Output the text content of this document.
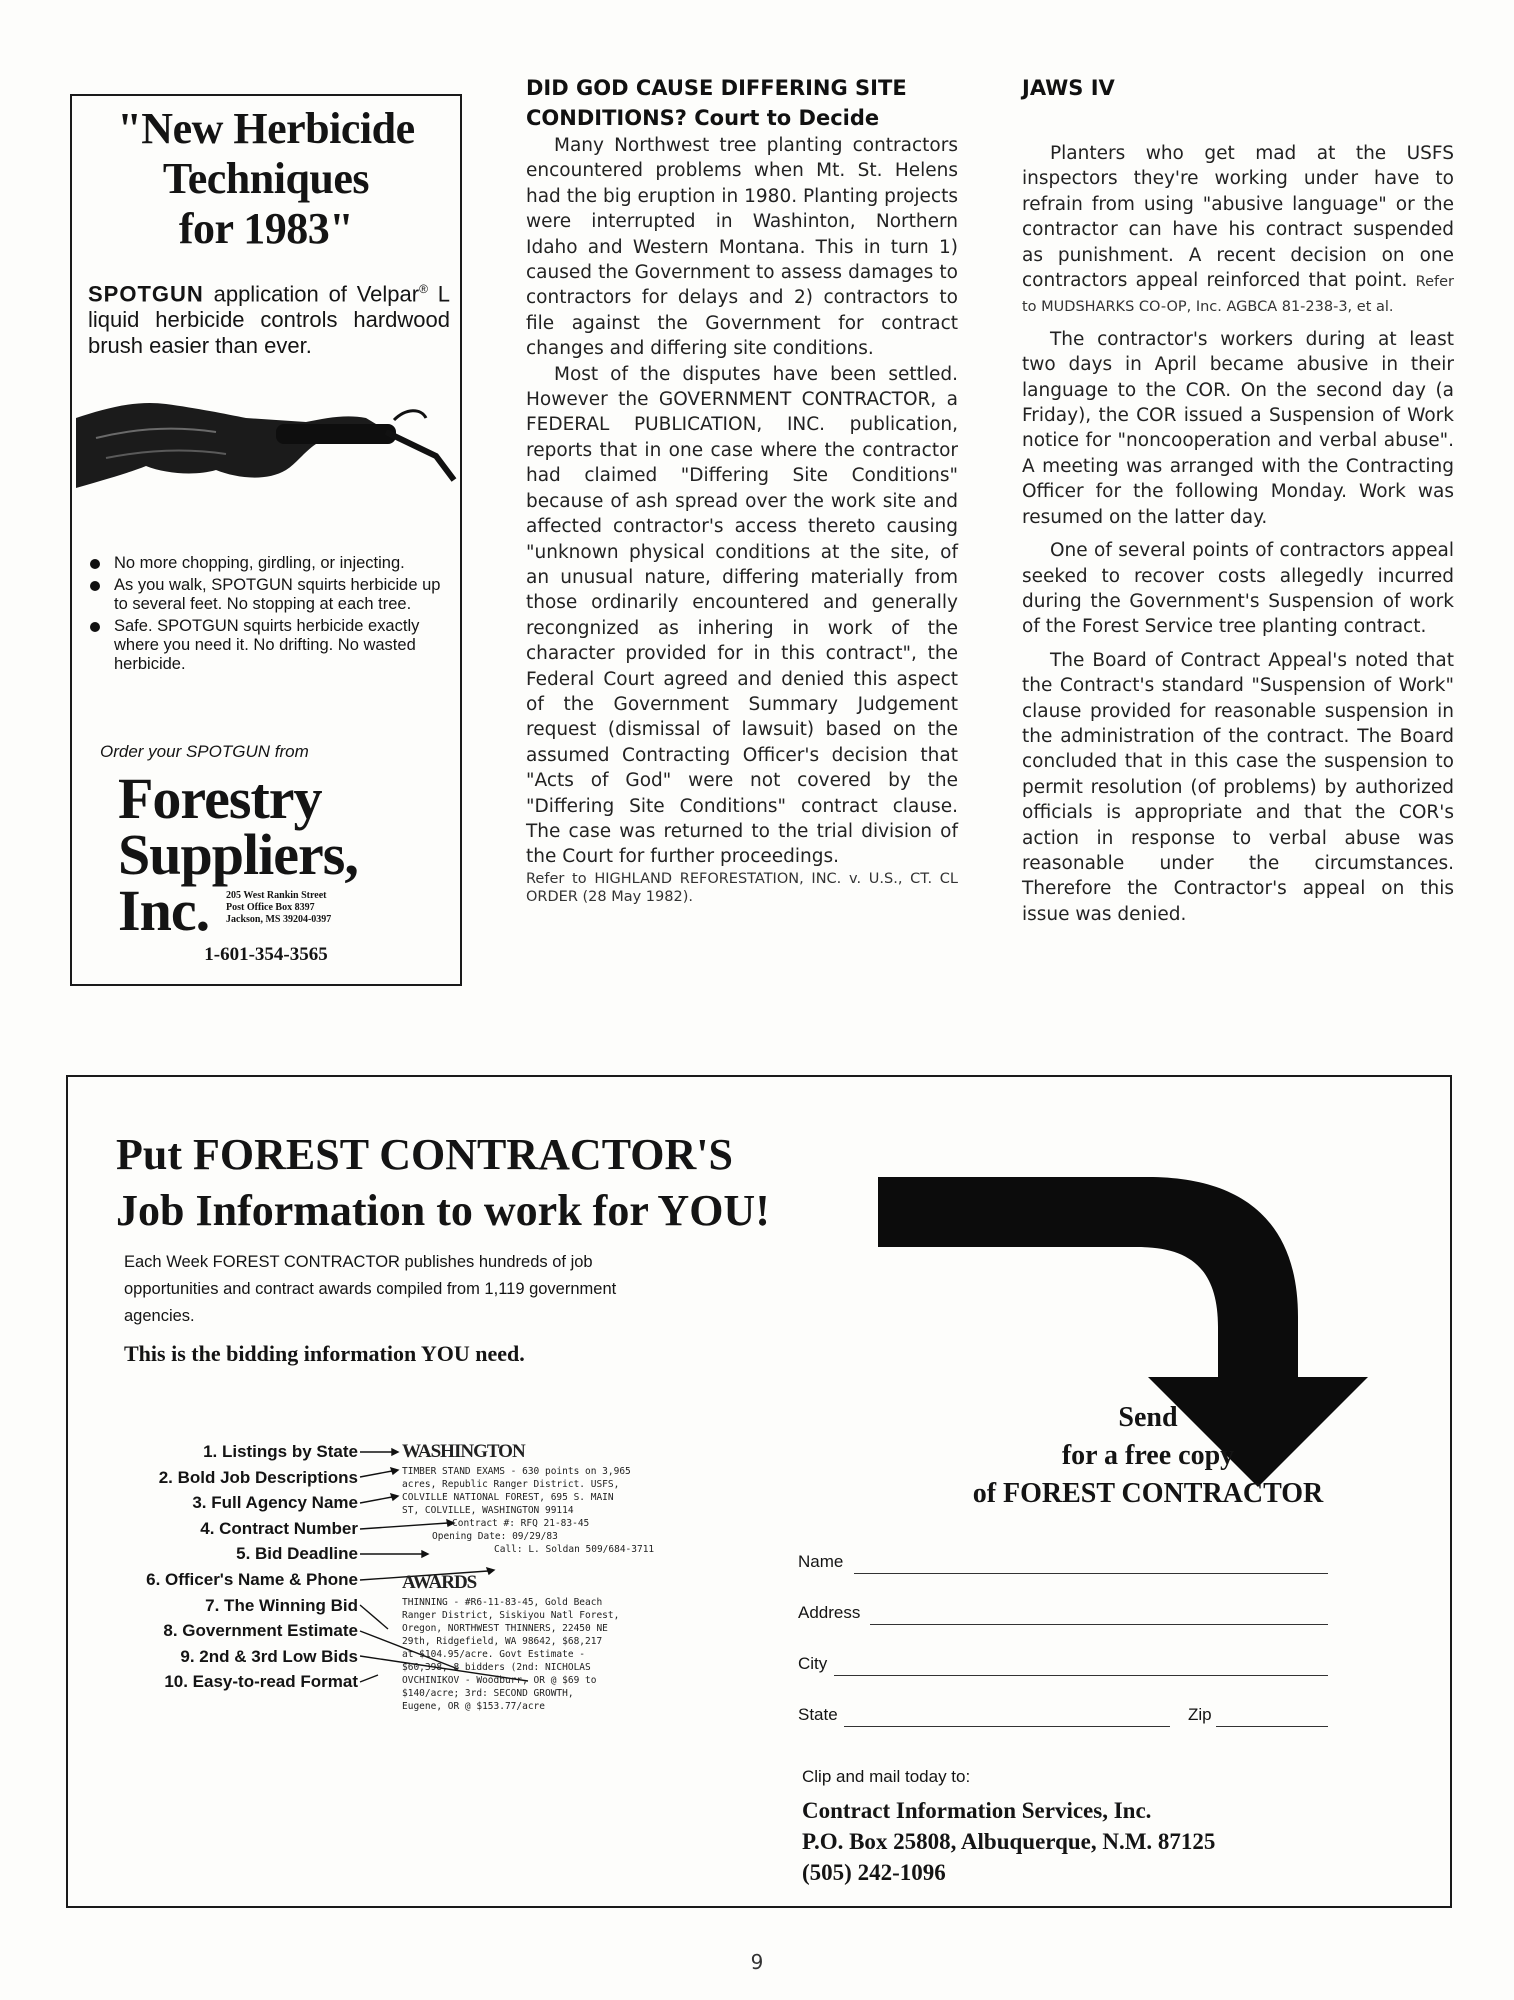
"New Herbicide
Techniques
for 1983"
SPOTGUN application of Velpar® L liquid herbicide controls hardwood brush easier than ever.
No more chopping, girdling, or injecting.
As you walk, SPOTGUN squirts herbicide up to several feet. No stopping at each tree.
Safe. SPOTGUN squirts herbicide exactly where you need it. No drifting. No wasted herbicide.
Order your SPOTGUN from
Forestry
Suppliers,
Inc.	205 West Rankin Street
Post Office Box 8397
Jackson, MS 39204-0397
1-601-354-3565
DID GOD CAUSE DIFFERING SITE
CONDITIONS? Court to Decide

Many Northwest tree planting contractors encountered problems when Mt. St. Helens had the big eruption in 1980. Planting projects were interrupted in Washinton, Northern Idaho and Western Montana. This in turn 1) caused the Government to assess damages to contractors for delays and 2) contractors to file against the Government for contract changes and differing site conditions.

Most of the disputes have been settled. However the GOVERNMENT CONTRACTOR, a FEDERAL PUBLICATION, INC. publication, reports that in one case where the contractor had claimed "Differing Site Conditions" because of ash spread over the work site and affected contractor's access thereto causing "unknown physical conditions at the site, of an unusual nature, differing materially from those ordinarily encountered and generally recongnized as inhering in work of the character provided for in this contract", the Federal Court agreed and denied this aspect of the Government Summary Judgement request (dismissal of lawsuit) based on the assumed Contracting Officer's decision that "Acts of God" were not covered by the "Differing Site Conditions" contract clause. The case was returned to the trial division of the Court for further proceedings.

Refer to HIGHLAND REFORESTATION, INC. v. U.S., CT. CL ORDER (28 May 1982).

JAWS IV

Planters who get mad at the USFS inspectors they're working under have to refrain from using "abusive language" or the contractor can have his contract suspended as punishment. A recent decision on one contractors appeal reinforced that point. Refer to MUDSHARKS CO-OP, Inc. AGBCA 81-238-3, et al.

The contractor's workers during at least two days in April became abusive in their language to the COR. On the second day (a Friday), the COR issued a Suspension of Work notice for "noncooperation and verbal abuse". A meeting was arranged with the Contracting Officer for the following Monday. Work was resumed on the latter day.

One of several points of contractors appeal seeked to recover costs allegedly incurred during the Government's Suspension of work of the Forest Service tree planting contract.

The Board of Contract Appeal's noted that the Contract's standard "Suspension of Work" clause provided for reasonable suspension in the administration of the contract. The Board concluded that in this case the suspension to permit resolution (of problems) by authorized officials is appropriate and that the COR's action in response to verbal abuse was reasonable under the circumstances. Therefore the Contractor's appeal on this issue was denied.

Put FOREST CONTRACTOR'S
Job Information to work for YOU!
Each Week FOREST CONTRACTOR publishes hundreds of job opportunities and contract awards compiled from 1,119 government agencies.
This is the bidding information YOU need.
1. Listings by State
2. Bold Job Descriptions
3. Full Agency Name
4. Contract Number
5. Bid Deadline
6. Officer's Name & Phone
7. The Winning Bid
8. Government Estimate
9. 2nd & 3rd Low Bids
10. Easy-to-read Format
WASHINGTON
TIMBER STAND EXAMS - 630 points on 3,965
acres, Republic Ranger District. USFS,
COLVILLE NATIONAL FOREST, 695 S. MAIN
ST, COLVILLE, WASHINGTON 99114
Contract #: RFQ 21-83-45
Opening Date: 09/29/83
Call: L. Soldan 509/684-3711
AWARDS
THINNING - #R6-11-83-45, Gold Beach
Ranger District, Siskiyou Natl Forest,
Oregon, NORTHWEST THINNERS, 22450 NE
29th, Ridgefield, WA 98642, $68,217
at $104.95/acre. Govt Estimate -
$60,398, 8 bidders (2nd: NICHOLAS
OVCHINIKOV - Woodburr, OR @ $69 to
$140/acre; 3rd: SECOND GROWTH,
Eugene, OR @ $153.77/acre
Send
for a free copy
of FOREST CONTRACTOR
Name
Address
City
State	Zip
Clip and mail today to:
Contract Information Services, Inc.
P.O. Box 25808, Albuquerque, N.M. 87125
(505) 242-1096
9
